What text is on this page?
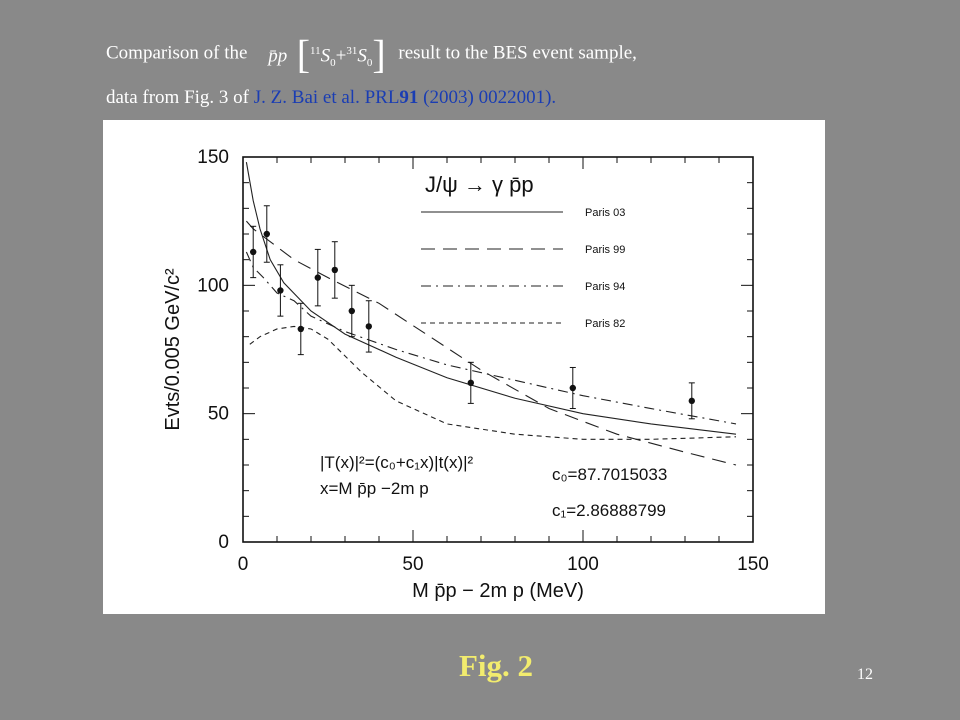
Comparison of the p̄p $[^{11}S_0+^{31}S_0]$ result to the BES event sample,
data from Fig. 3 of J. Z. Bai et al. PRL91 (2003) 0022001).
0	50	100	150
0
50
100
150
M p̄p − 2m p (MeV)
Evts/0.005 GeV/c²
J/ψ → γ p̄p
Paris 03
Paris 99
Paris 94
Paris 82
|T(x)|²=(c₀+c₁x)|t(x)|²
x=M p̄p −2m p
c₀=87.7015033
c₁=2.86888799
Fig. 2	12
